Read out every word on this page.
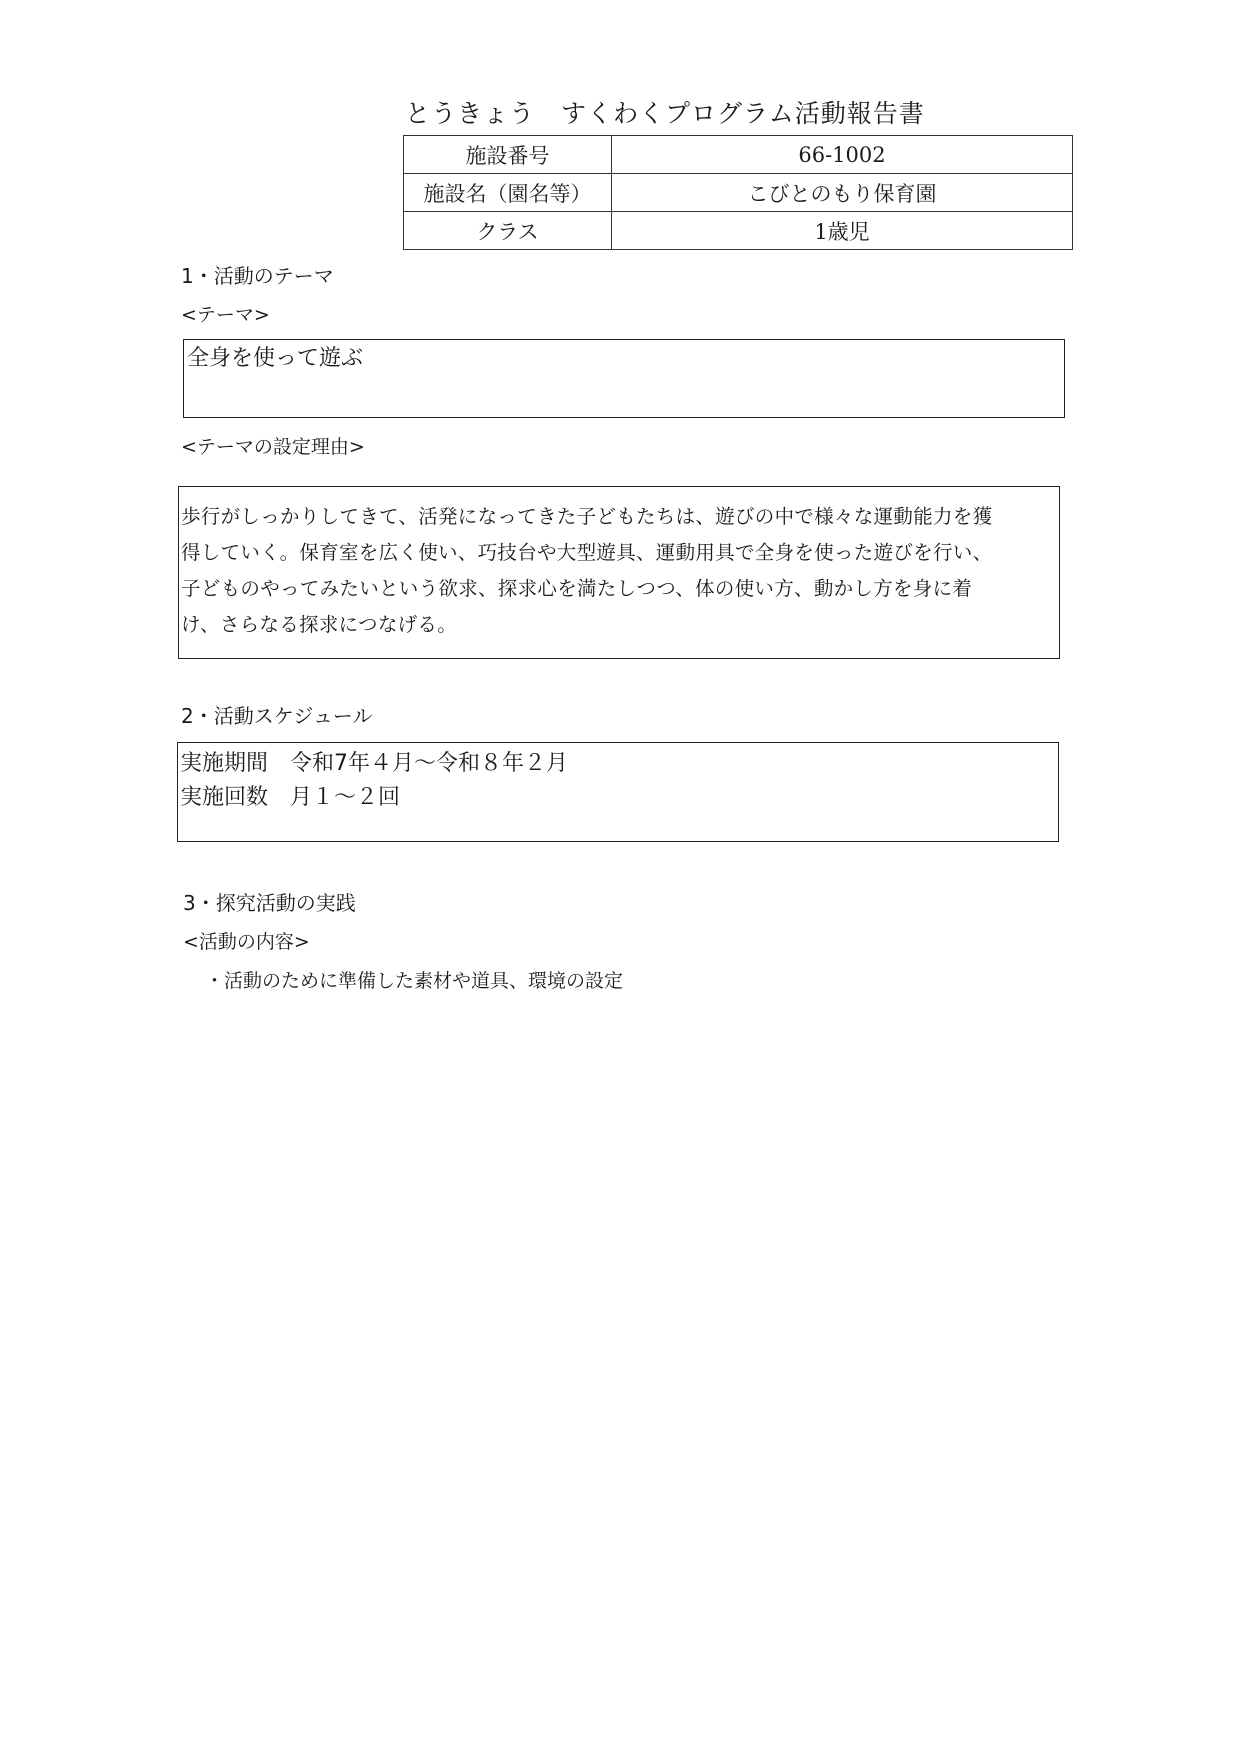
とうきょう　すくわくプログラム活動報告書
施設番号	66-1002
施設名（園名等）	こびとのもり保育園
クラス	1歳児
1・活動のテーマ
<テーマ>
全身を使って遊ぶ
<テーマの設定理由>
歩行がしっかりしてきて、活発になってきた子どもたちは、遊びの中で様々な運動能力を獲
得していく。保育室を広く使い、巧技台や大型遊具、運動用具で全身を使った遊びを行い、
子どものやってみたいという欲求、探求心を満たしつつ、体の使い方、動かし方を身に着
け、さらなる探求につなげる。
2・活動スケジュール
実施期間　令和7年４月～令和８年２月
実施回数　月１～２回
3・探究活動の実践
<活動の内容>
・活動のために準備した素材や道具、環境の設定
